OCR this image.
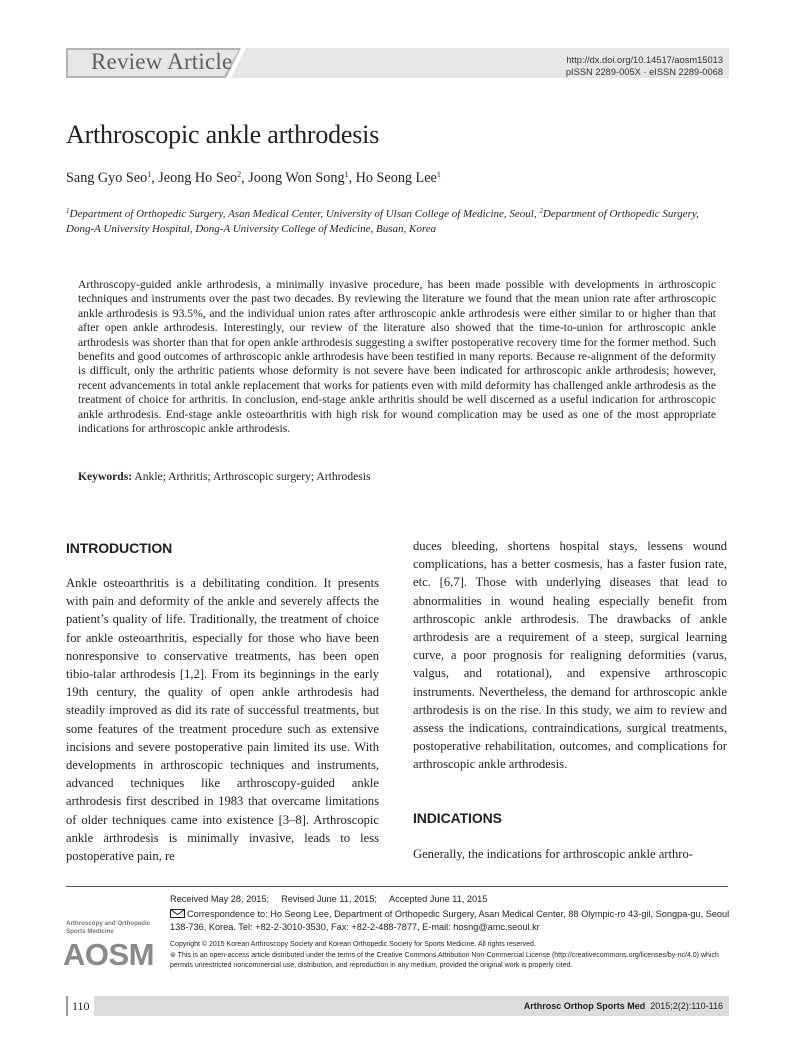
Review Article	http://dx.doi.org/10.14517/aosm15013
pISSN 2289-005X · eISSN 2289-0068
Arthroscopic ankle arthrodesis
Sang Gyo Seo$^1$, Jeong Ho Seo$^2$, Joong Won Song$^1$, Ho Seong Lee$^1$
$^1$Department of Orthopedic Surgery, Asan Medical Center, University of Ulsan College of Medicine, Seoul, $^2$Department of Orthopedic Surgery, Dong-A University Hospital, Dong-A University College of Medicine, Busan, Korea
Arthroscopy-guided ankle arthrodesis, a minimally invasive procedure, has been made possible with developments in arthroscopic techniques and instruments over the past two decades. By reviewing the literature we found that the mean union rate after arthroscopic ankle arthrodesis is 93.5%, and the individual union rates after arthroscopic ankle arthrodesis were either similar to or higher than that after open ankle arthrodesis. Interestingly, our review of the literature also showed that the time-to-union for arthroscopic ankle arthrodesis was shorter than that for open ankle arthrodesis suggesting a swifter postoperative recovery time for the former method. Such benefits and good outcomes of arthroscopic ankle arthrodesis have been testified in many reports. Because re-alignment of the deformity is difficult, only the arthritic patients whose deformity is not severe have been indicated for arthroscopic ankle arthrodesis; however, recent advancements in total ankle replacement that works for patients even with mild deformity has challenged ankle arthrodesis as the treatment of choice for arthritis. In conclusion, end-stage ankle arthritis should be well discerned as a useful indication for arthroscopic ankle arthrodesis. End-stage ankle osteoarthritis with high risk for wound complication may be used as one of the most appropriate indications for arthroscopic ankle arthrodesis.
Keywords: Ankle; Arthritis; Arthroscopic surgery; Arthrodesis
INTRODUCTION
Ankle osteoarthritis is a debilitating condition. It presents with pain and deformity of the ankle and severely affects the patient’s quality of life. Traditionally, the treatment of choice for ankle osteoarthritis, especially for those who have been nonresponsive to conservative treatments, has been open tibio-talar arthrodesis [1,2]. From its beginnings in the early 19th century, the quality of open ankle arthrodesis had steadily improved as did its rate of successful treatments, but some features of the treatment procedure such as extensive incisions and severe postoperative pain limited its use. With developments in arthroscopic techniques and instruments, advanced techniques like arthroscopy-guided ankle arthrodesis first described in 1983 that overcame limitations of older techniques came into existence [3–8]. Arthroscopic ankle arthrodesis is minimally invasive, leads to less postoperative pain, re
duces bleeding, shortens hospital stays, lessens wound complications, has a better cosmesis, has a faster fusion rate, etc. [6,7]. Those with underlying diseases that lead to abnormalities in wound healing especially benefit from arthroscopic ankle arthrodesis. The drawbacks of ankle arthrodesis are a requirement of a steep, surgical learning curve, a poor prognosis for realigning deformities (varus, valgus, and rotational), and expensive arthroscopic instruments. Nevertheless, the demand for arthroscopic ankle arthrodesis is on the rise. In this study, we aim to review and assess the indications, contraindications, surgical treatments, postoperative rehabilitation, outcomes, and complications for arthroscopic ankle arthrodesis.
INDICATIONS
Generally, the indications for arthroscopic ankle arthro-
Received May 28, 2015; Revised June 11, 2015; Accepted June 11, 2015
Correspondence to: Ho Seong Lee, Department of Orthopedic Surgery, Asan Medical Center, 88 Olympic-ro 43-gil, Songpa-gu, Seoul 138-736, Korea. Tel: +82-2-3010-3530, Fax: +82-2-488-7877, E-mail: hosng@amc.seoul.kr
Arthroscopy and Orthopedic Sports Medicine
AOSM Copyright © 2015 Korean Arthroscopy Society and Korean Orthopedic Society for Sports Medicine. All rights reserved.
⊜ This is an open-access article distributed under the terms of the Creative Commons Attribution Non-Commercial License (http://creativecommons.org/licenses/by-nc/4.0) which permits unrestricted noncommercial use, distribution, and reproduction in any medium, provided the original work is properly cited.
110	Arthrosc Orthop Sports Med 2015;2(2):110-116
